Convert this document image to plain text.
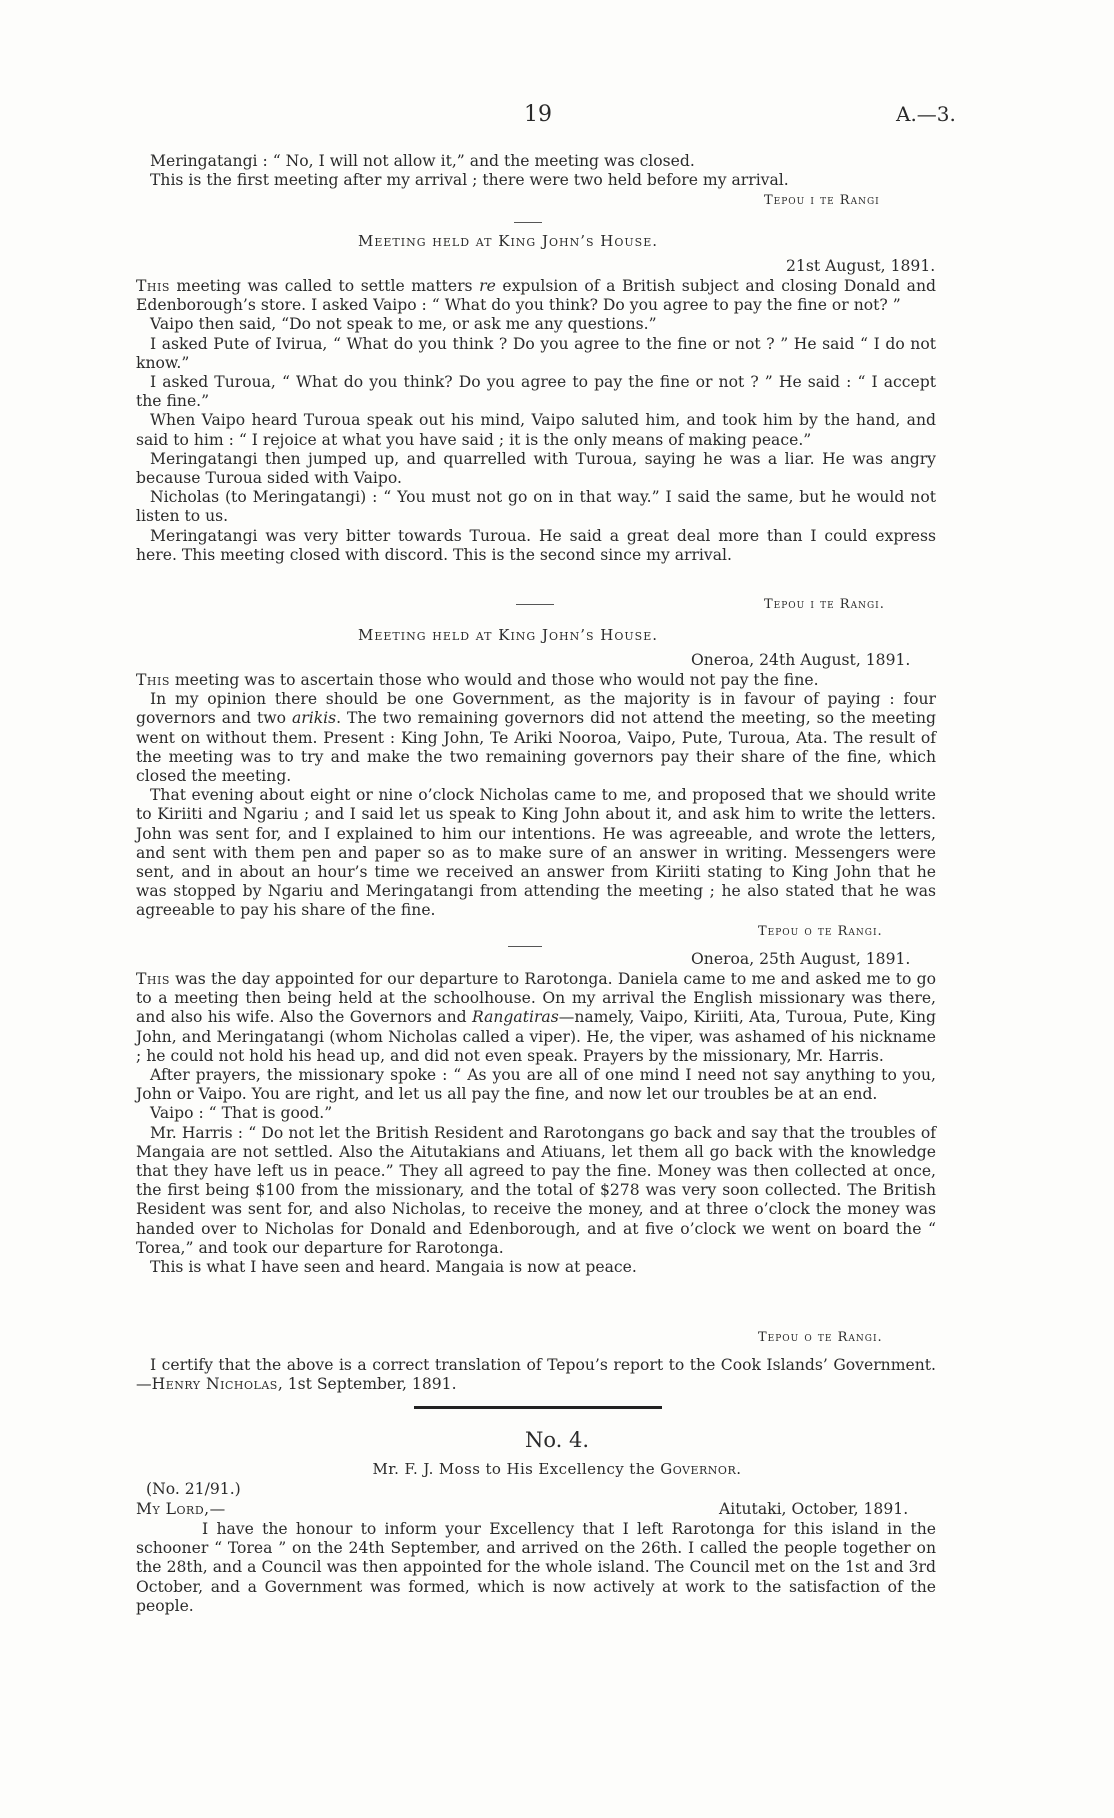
19	A.—3.

Meringatangi : “ No, I will not allow it,” and the meeting was closed.

This is the first meeting after my arrival ; there were two held before my arrival.

Tepou i te Rangi
Meeting held at King John’s House.
21st August, 1891.

This meeting was called to settle matters re expulsion of a British subject and closing Donald and Edenborough’s store. I asked Vaipo : “ What do you think? Do you agree to pay the fine or not? ”

Vaipo then said, “Do not speak to me, or ask me any questions.”

I asked Pute of Ivirua, “ What do you think ? Do you agree to the fine or not ? ” He said “ I do not know.”

I asked Turoua, “ What do you think? Do you agree to pay the fine or not ? ” He said : “ I accept the fine.”

When Vaipo heard Turoua speak out his mind, Vaipo saluted him, and took him by the hand, and said to him : “ I rejoice at what you have said ; it is the only means of making peace.”

Meringatangi then jumped up, and quarrelled with Turoua, saying he was a liar. He was angry because Turoua sided with Vaipo.

Nicholas (to Meringatangi) : “ You must not go on in that way.” I said the same, but he would not listen to us.

Meringatangi was very bitter towards Turoua. He said a great deal more than I could express here. This meeting closed with discord. This is the second since my arrival.

Tepou i te Rangi.
Meeting held at King John’s House.
Oneroa, 24th August, 1891.

This meeting was to ascertain those who would and those who would not pay the fine.

In my opinion there should be one Government, as the majority is in favour of paying : four governors and two arikis. The two remaining governors did not attend the meeting, so the meeting went on without them. Present : King John, Te Ariki Nooroa, Vaipo, Pute, Turoua, Ata. The result of the meeting was to try and make the two remaining governors pay their share of the fine, which closed the meeting.

That evening about eight or nine o’clock Nicholas came to me, and proposed that we should write to Kiriiti and Ngariu ; and I said let us speak to King John about it, and ask him to write the letters. John was sent for, and I explained to him our intentions. He was agreeable, and wrote the letters, and sent with them pen and paper so as to make sure of an answer in writing. Messengers were sent, and in about an hour’s time we received an answer from Kiriiti stating to King John that he was stopped by Ngariu and Meringatangi from attending the meeting ; he also stated that he was agreeable to pay his share of the fine.

Tepou o te Rangi.
Oneroa, 25th August, 1891.

This was the day appointed for our departure to Rarotonga. Daniela came to me and asked me to go to a meeting then being held at the schoolhouse. On my arrival the English missionary was there, and also his wife. Also the Governors and Rangatiras—namely, Vaipo, Kiriiti, Ata, Turoua, Pute, King John, and Meringatangi (whom Nicholas called a viper). He, the viper, was ashamed of his nickname ; he could not hold his head up, and did not even speak. Prayers by the missionary, Mr. Harris.

After prayers, the missionary spoke : “ As you are all of one mind I need not say anything to you, John or Vaipo. You are right, and let us all pay the fine, and now let our troubles be at an end.

Vaipo : “ That is good.”

Mr. Harris : “ Do not let the British Resident and Rarotongans go back and say that the troubles of Mangaia are not settled. Also the Aitutakians and Atiuans, let them all go back with the knowledge that they have left us in peace.” They all agreed to pay the fine. Money was then collected at once, the first being $100 from the missionary, and the total of $278 was very soon collected. The British Resident was sent for, and also Nicholas, to receive the money, and at three o’clock the money was handed over to Nicholas for Donald and Edenborough, and at five o’clock we went on board the “ Torea,” and took our departure for Rarotonga.

This is what I have seen and heard. Mangaia is now at peace.

Tepou o te Rangi.

I certify that the above is a correct translation of Tepou’s report to the Cook Islands’ Government.—Henry Nicholas, 1st September, 1891.

No. 4.
Mr. F. J. Moss to His Excellency the Governor.
(No. 21/91.)
My Lord,—	Aitutaki, October, 1891.

I have the honour to inform your Excellency that I left Rarotonga for this island in the schooner “ Torea ” on the 24th September, and arrived on the 26th. I called the people together on the 28th, and a Council was then appointed for the whole island. The Council met on the 1st and 3rd October, and a Government was formed, which is now actively at work to the satisfaction of the people.
